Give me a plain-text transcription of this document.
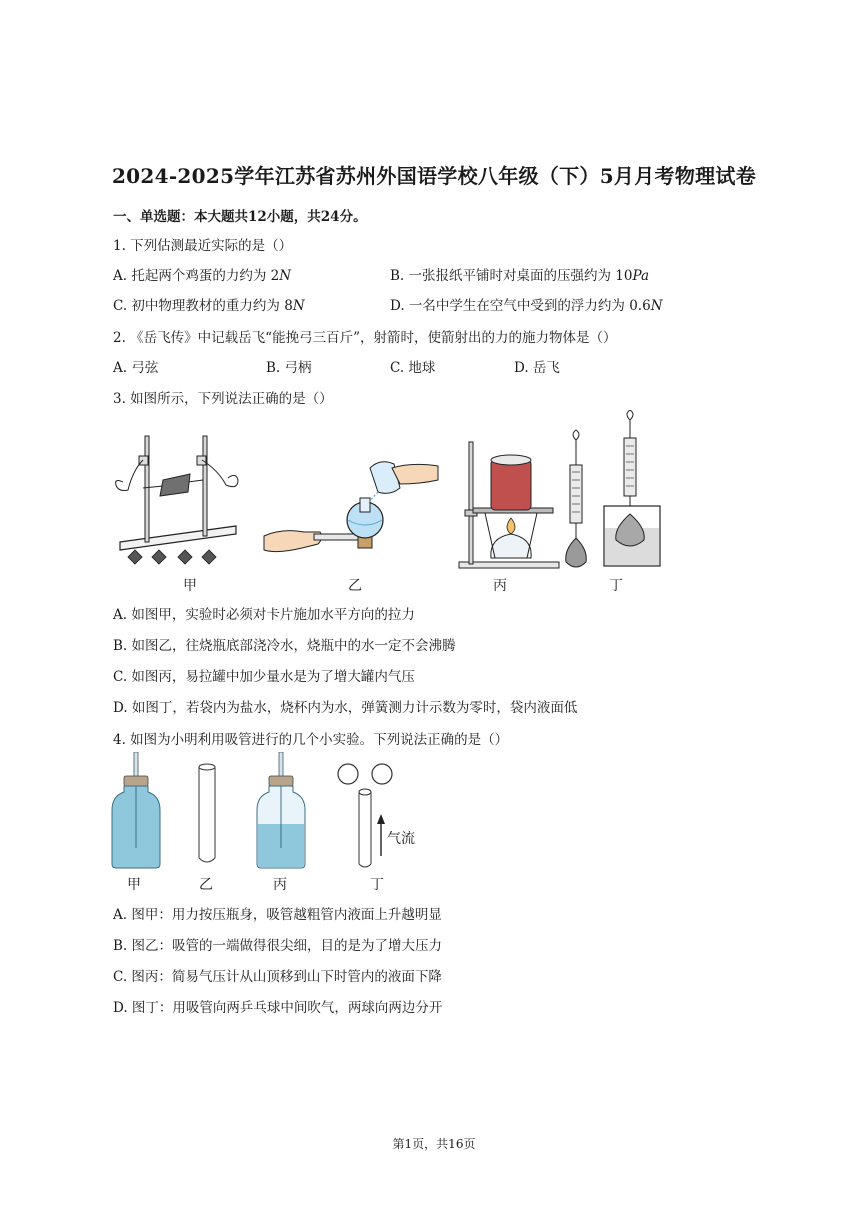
2024-2025学年江苏省苏州外国语学校八年级（下）5月月考物理试卷
一、单选题：本大题共12小题，共24分。
1. 下列估测最近实际的是（）
A. 托起两个鸡蛋的力约为 2N	B. 一张报纸平铺时对桌面的压强约为 10Pa
C. 初中物理教材的重力约为 8N	D. 一名中学生在空气中受到的浮力约为 0.6N
2. 《岳飞传》中记载岳飞“能挽弓三百斤”，射箭时，使箭射出的力的施力物体是（）
A. 弓弦	B. 弓柄	C. 地球	D. 岳飞
3. 如图所示，下列说法正确的是（）
甲	乙	丙	丁
A. 如图甲，实验时必须对卡片施加水平方向的拉力
B. 如图乙，往烧瓶底部浇冷水，烧瓶中的水一定不会沸腾
C. 如图丙，易拉罐中加少量水是为了增大罐内气压
D. 如图丁，若袋内为盐水，烧杯内为水，弹簧测力计示数为零时，袋内液面低
4. 如图为小明利用吸管进行的几个小实验。下列说法正确的是（）
甲	乙	丙
气流
丁
A. 图甲：用力按压瓶身，吸管越粗管内液面上升越明显
B. 图乙：吸管的一端做得很尖细，目的是为了增大压力
C. 图丙：简易气压计从山顶移到山下时管内的液面下降
D. 图丁：用吸管向两乒乓球中间吹气，两球向两边分开
第1页，共16页
